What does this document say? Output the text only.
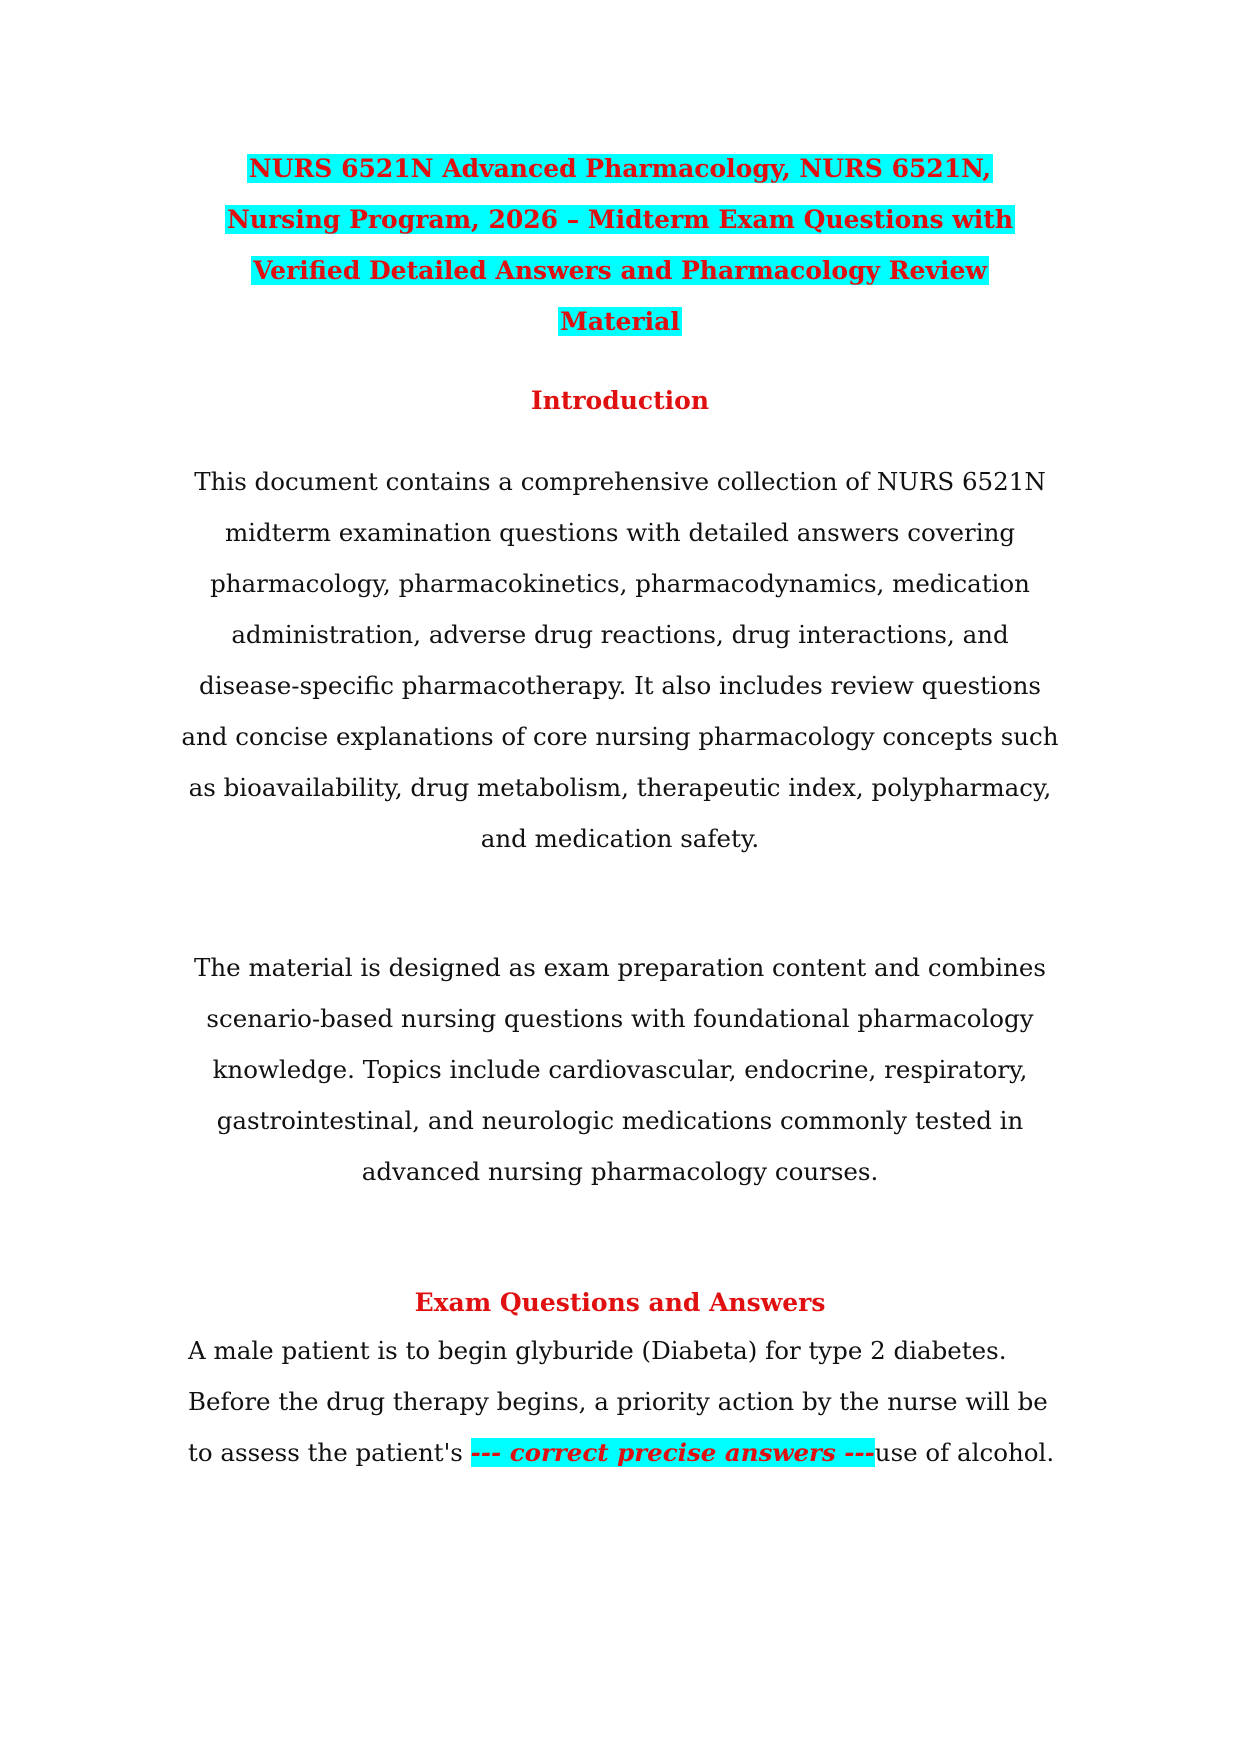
NURS 6521N Advanced Pharmacology, NURS 6521N, Nursing Program, 2026 – Midterm Exam Questions with Verified Detailed Answers and Pharmacology Review Material
Introduction

This document contains a comprehensive collection of NURS 6521N midterm examination questions with detailed answers covering pharmacology, pharmacokinetics, pharmacodynamics, medication administration, adverse drug reactions, drug interactions, and disease-specific pharmacotherapy. It also includes review questions and concise explanations of core nursing pharmacology concepts such as bioavailability, drug metabolism, therapeutic index, polypharmacy, and medication safety.

The material is designed as exam preparation content and combines scenario-based nursing questions with foundational pharmacology knowledge. Topics include cardiovascular, endocrine, respiratory, gastrointestinal, and neurologic medications commonly tested in advanced nursing pharmacology courses.

Exam Questions and Answers

A male patient is to begin glyburide (Diabeta) for type 2 diabetes. Before the drug therapy begins, a priority action by the nurse will be to assess the patient's --- correct precise answers ---use of alcohol.
